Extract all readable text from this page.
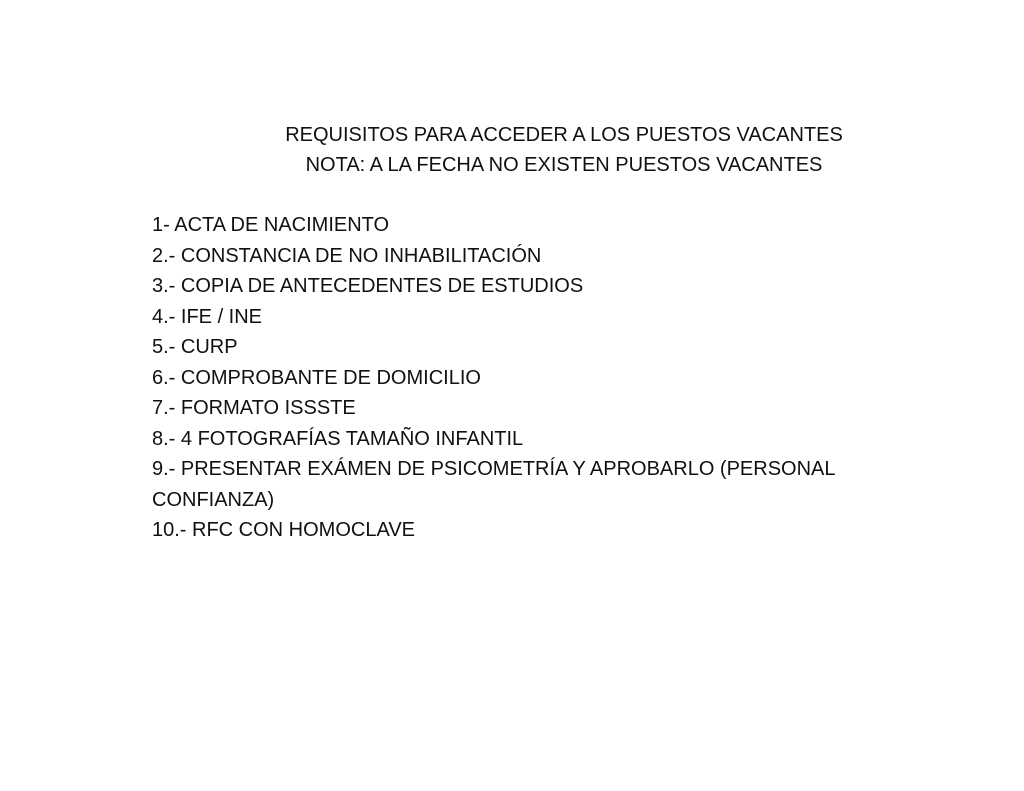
REQUISITOS PARA ACCEDER A LOS PUESTOS VACANTES
NOTA: A LA FECHA NO EXISTEN PUESTOS VACANTES
1- ACTA DE NACIMIENTO
2.- CONSTANCIA DE NO INHABILITACIÓN
3.- COPIA DE ANTECEDENTES DE ESTUDIOS
4.- IFE / INE
5.- CURP
6.- COMPROBANTE DE DOMICILIO
7.- FORMATO ISSSTE
8.- 4 FOTOGRAFÍAS TAMAÑO INFANTIL
9.- PRESENTAR EXÁMEN DE PSICOMETRÍA Y APROBARLO (PERSONAL CONFIANZA)
10.- RFC CON HOMOCLAVE
